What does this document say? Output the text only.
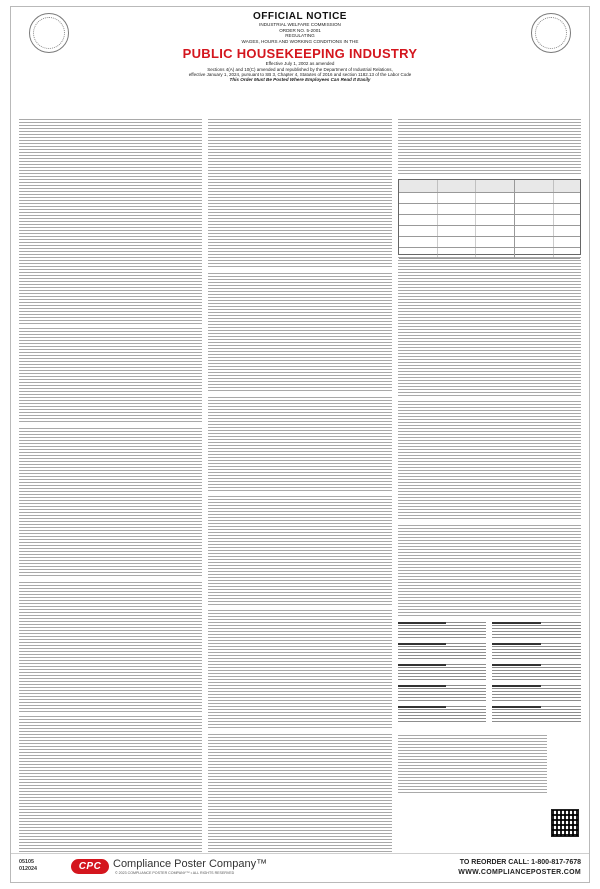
OFFICIAL NOTICE
INDUSTRIAL WELFARE COMMISSION
ORDER NO. 5-2001
REGULATING
WAGES, HOURS AND WORKING CONDITIONS IN THE
PUBLIC HOUSEKEEPING INDUSTRY
Effective July 1, 2002 as amended
Sections 4(A) and 10(C) amended and republished by the Department of Industrial Relations,
effective January 1, 2024, pursuant to SB 3, Chapter 4, Statutes of 2016 and section 1182.13 of the Labor Code
This Order Must Be Posted Where Employees Can Read It Easily
05105
012024	CPC Compliance Poster Company™
© 2023 COMPLIANCE POSTER COMPANY™ • ALL RIGHTS RESERVED
TO REORDER CALL: 1-800-817-7678
WWW.COMPLIANCEPOSTER.COM
